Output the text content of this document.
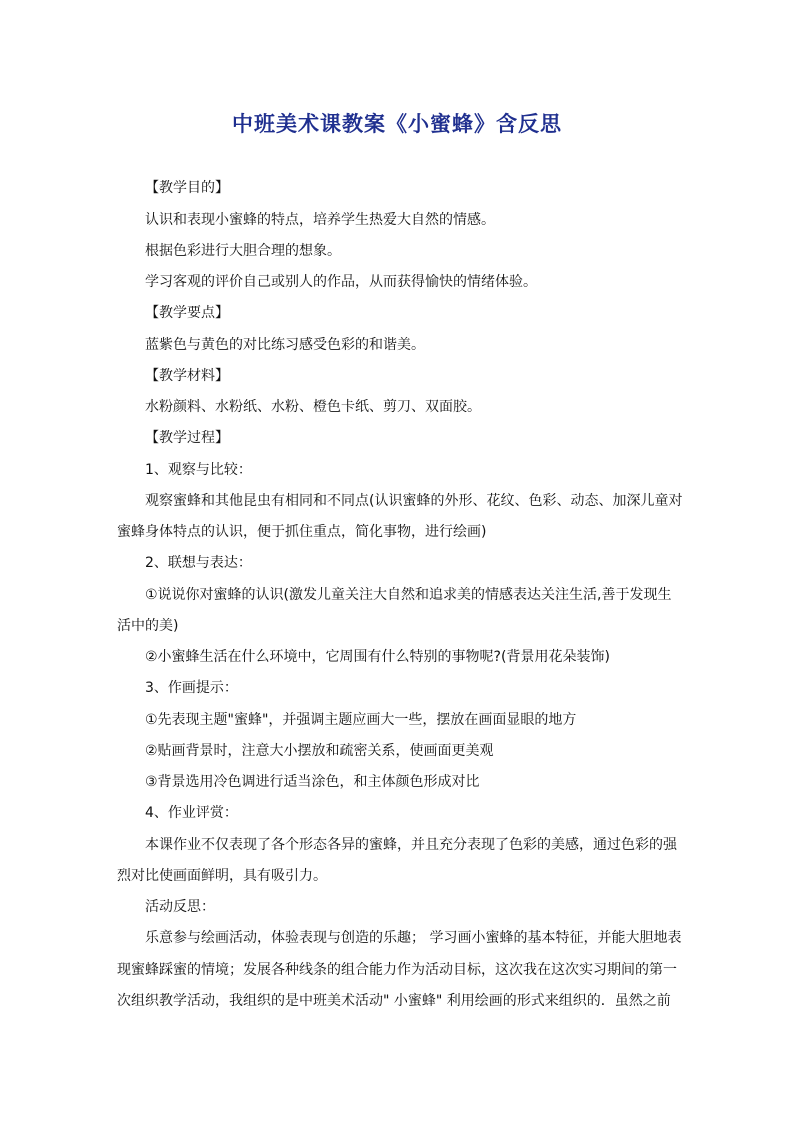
中班美术课教案《小蜜蜂》含反思
【教学目的】
认识和表现小蜜蜂的特点，培养学生热爱大自然的情感。
根据色彩进行大胆合理的想象。
学习客观的评价自己或别人的作品，从而获得愉快的情绪体验。
【教学要点】
蓝紫色与黄色的对比练习感受色彩的和谐美。
【教学材料】
水粉颜料、水粉纸、水粉、橙色卡纸、剪刀、双面胶。
【教学过程】
1、观察与比较：
观察蜜蜂和其他昆虫有相同和不同点(认识蜜蜂的外形、花纹、色彩、动态、加深儿童对
蜜蜂身体特点的认识，便于抓住重点，简化事物，进行绘画)
2、联想与表达：
①说说你对蜜蜂的认识(激发儿童关注大自然和追求美的情感表达关注生活,善于发现生
活中的美)
②小蜜蜂生活在什么环境中，它周围有什么特别的事物呢?(背景用花朵装饰)
3、作画提示：
①先表现主题"蜜蜂"，并强调主题应画大一些，摆放在画面显眼的地方
②贴画背景时，注意大小摆放和疏密关系，使画面更美观
③背景选用冷色调进行适当涂色，和主体颜色形成对比
4、作业评赏：
本课作业不仅表现了各个形态各异的蜜蜂，并且充分表现了色彩的美感，通过色彩的强
烈对比使画面鲜明，具有吸引力。
活动反思：
乐意参与绘画活动，体验表现与创造的乐趣； 学习画小蜜蜂的基本特征，并能大胆地表
现蜜蜂踩蜜的情境；发展各种线条的组合能力作为活动目标，这次我在这次实习期间的第一
次组织教学活动，我组织的是中班美术活动" 小蜜蜂" 利用绘画的形式来组织的．虽然之前
